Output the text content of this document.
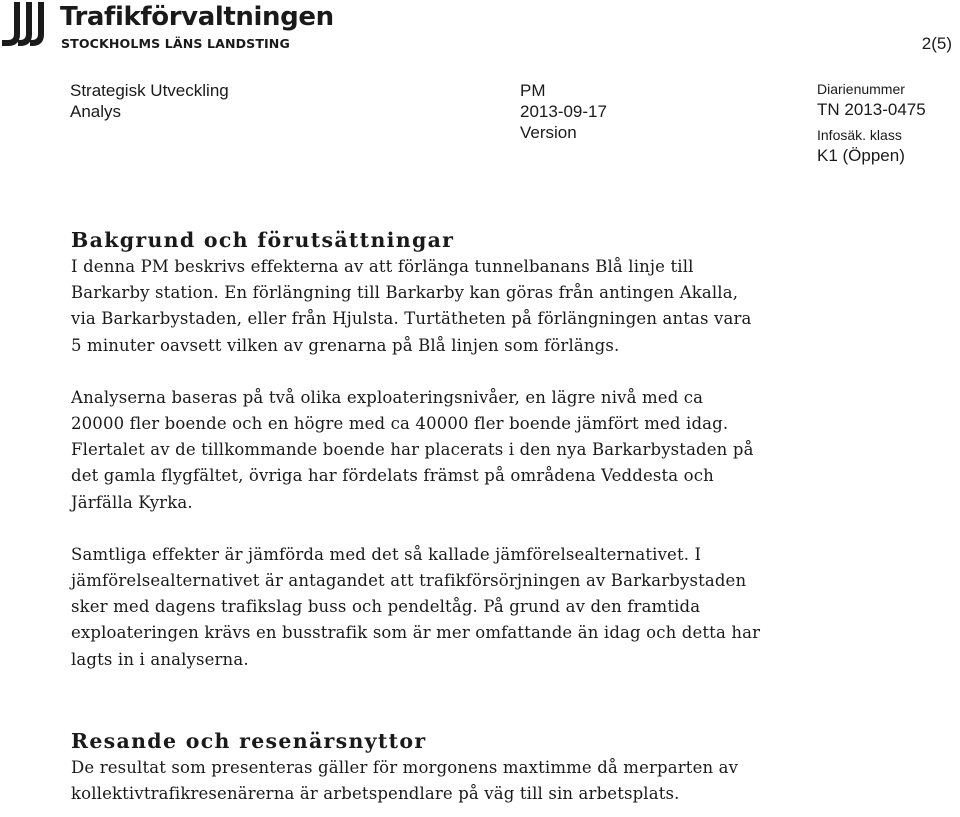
Trafikförvaltningen
STOCKHOLMS LÄNS LANDSTING	2(5)
Strategisk Utveckling
Analys
PM
2013-09-17
Version
Diarienummer
TN 2013-0475
Infosäk. klass
K1 (Öppen)
Bakgrund och förutsättningar

I denna PM beskrivs effekterna av att förlänga tunnelbanans Blå linje till
Barkarby station. En förlängning till Barkarby kan göras från antingen Akalla,
via Barkarbystaden, eller från Hjulsta. Turtätheten på förlängningen antas vara
5 minuter oavsett vilken av grenarna på Blå linjen som förlängs.

Analyserna baseras på två olika exploateringsnivåer, en lägre nivå med ca
20000 fler boende och en högre med ca 40000 fler boende jämfört med idag.
Flertalet av de tillkommande boende har placerats i den nya Barkarbystaden på
det gamla flygfältet, övriga har fördelats främst på områdena Veddesta och
Järfälla Kyrka.

Samtliga effekter är jämförda med det så kallade jämförelsealternativet. I
jämförelsealternativet är antagandet att trafikförsörjningen av Barkarbystaden
sker med dagens trafikslag buss och pendeltåg. På grund av den framtida
exploateringen krävs en busstrafik som är mer omfattande än idag och detta har
lagts in i analyserna.

Resande och resenärsnyttor

De resultat som presenteras gäller för morgonens maxtimme då merparten av
kollektivtrafikresenärerna är arbetspendlare på väg till sin arbetsplats.
